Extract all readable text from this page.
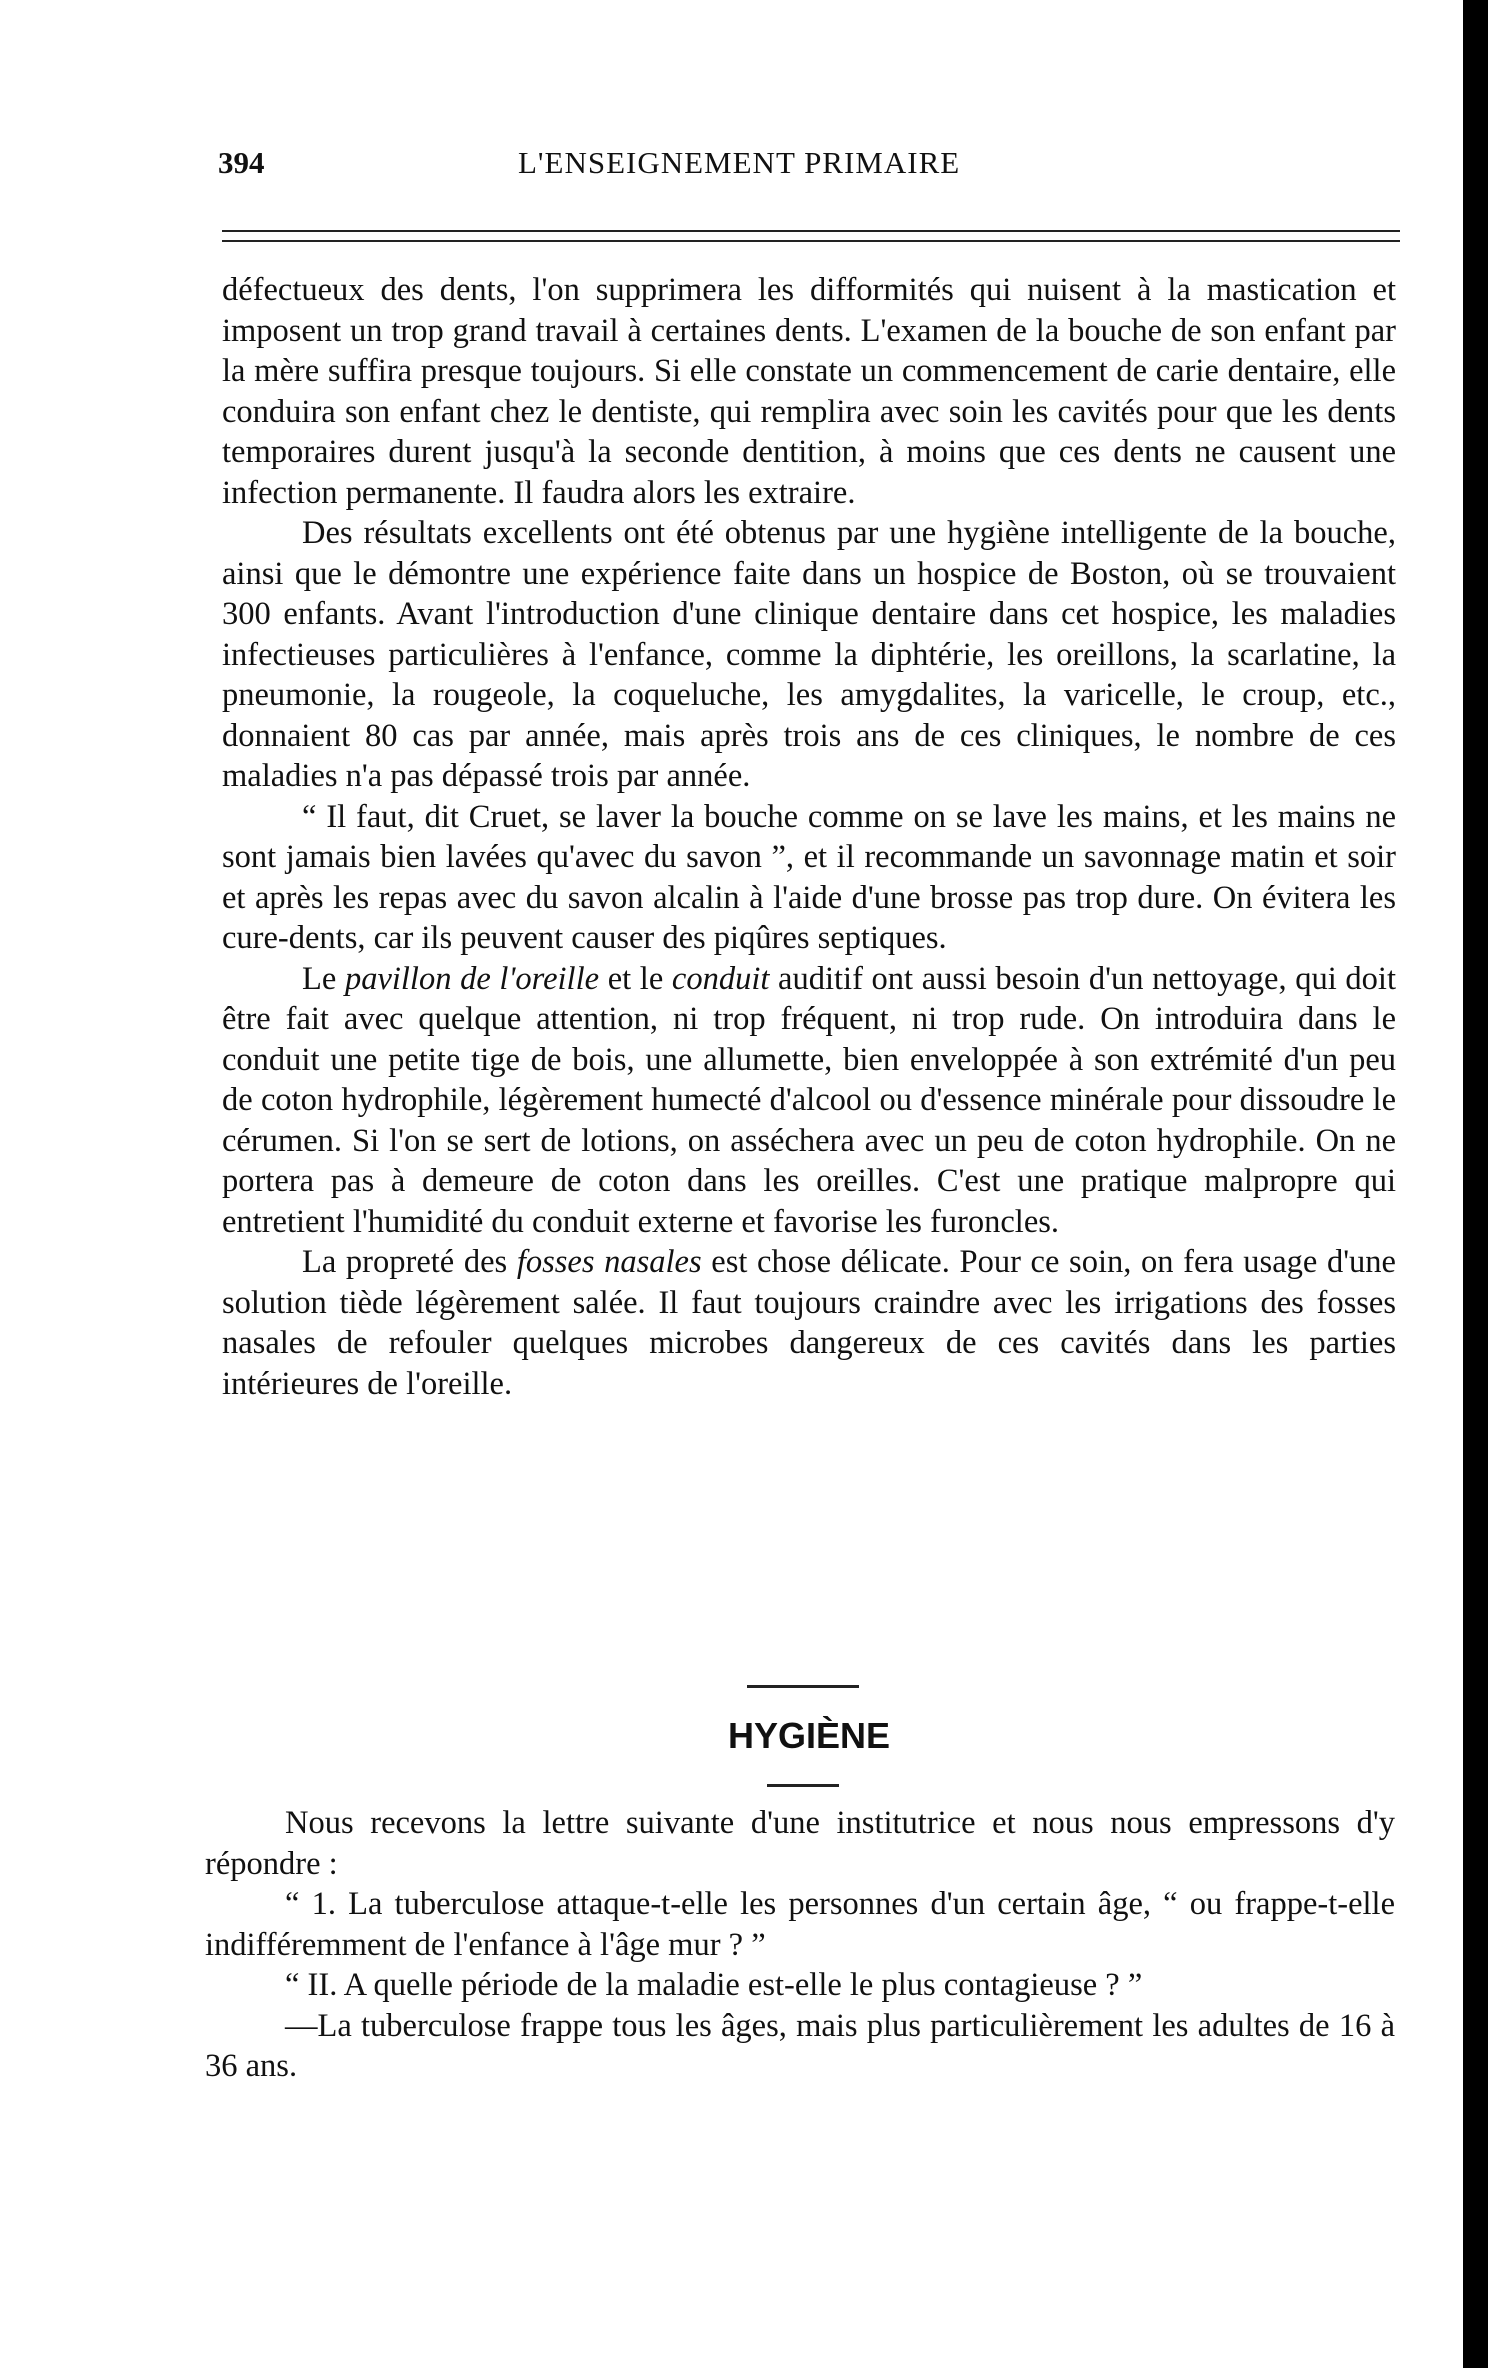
394	L'ENSEIGNEMENT PRIMAIRE

défectueux des dents, l'on supprimera les difformités qui nuisent à la mastication et imposent un trop grand travail à certaines dents. L'examen de la bouche de son enfant par la mère suffira presque toujours. Si elle constate un commencement de carie dentaire, elle conduira son enfant chez le dentiste, qui remplira avec soin les cavités pour que les dents temporaires durent jusqu'à la seconde dentition, à moins que ces dents ne causent une infection permanente. Il faudra alors les extraire.

Des résultats excellents ont été obtenus par une hygiène intelligente de la bouche, ainsi que le démontre une expérience faite dans un hospice de Boston, où se trouvaient 300 enfants. Avant l'introduction d'une clinique dentaire dans cet hospice, les maladies infectieuses particulières à l'enfance, comme la diphtérie, les oreillons, la scarlatine, la pneumonie, la rougeole, la coqueluche, les amygdalites, la varicelle, le croup, etc., donnaient 80 cas par année, mais après trois ans de ces cliniques, le nombre de ces maladies n'a pas dépassé trois par année.

“ Il faut, dit Cruet, se laver la bouche comme on se lave les mains, et les mains ne sont jamais bien lavées qu'avec du savon ”, et il recommande un savonnage matin et soir et après les repas avec du savon alcalin à l'aide d'une brosse pas trop dure. On évitera les cure-dents, car ils peuvent causer des piqûres septiques.

Le pavillon de l'oreille et le conduit auditif ont aussi besoin d'un nettoyage, qui doit être fait avec quelque attention, ni trop fréquent, ni trop rude. On introduira dans le conduit une petite tige de bois, une allumette, bien enveloppée à son extrémité d'un peu de coton hydrophile, légèrement humecté d'alcool ou d'essence minérale pour dissoudre le cérumen. Si l'on se sert de lotions, on asséchera avec un peu de coton hydrophile. On ne portera pas à demeure de coton dans les oreilles. C'est une pratique malpropre qui entretient l'humidité du conduit externe et favorise les furoncles.

La propreté des fosses nasales est chose délicate. Pour ce soin, on fera usage d'une solution tiède légèrement salée. Il faut toujours craindre avec les irrigations des fosses nasales de refouler quelques microbes dangereux de ces cavités dans les parties intérieures de l'oreille.

HYGIÈNE

Nous recevons la lettre suivante d'une institutrice et nous nous empressons d'y répondre :

“ 1. La tuberculose attaque-t-elle les personnes d'un certain âge, “ ou frappe-t-elle indifféremment de l'enfance à l'âge mur ? ”

“ II. A quelle période de la maladie est-elle le plus contagieuse ? ”

—La tuberculose frappe tous les âges, mais plus particulièrement les adultes de 16 à 36 ans.
